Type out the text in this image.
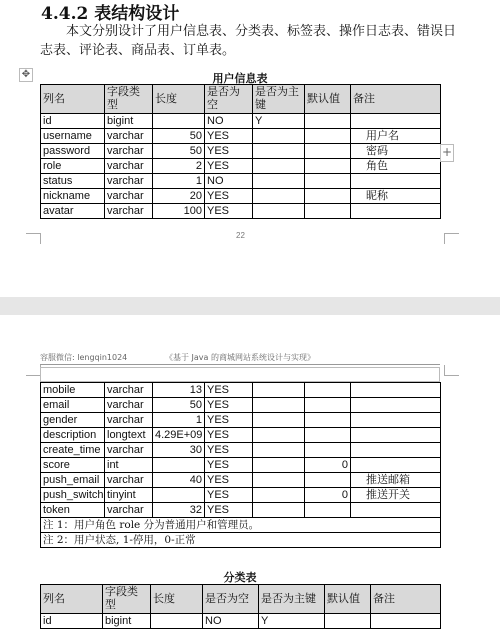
4.4.2 表结构设计
本文分别设计了用户信息表、分类表、标签表、操作日志表、错误日志表、评论表、商品表、订单表。
✥	用户信息表
列名	字段类型	长度	是否为空	是否为主键	默认值	备注
id	bigint		NO	Y		
username	varchar	50	YES			用户名
password	varchar	50	YES			密码
role	varchar	2	YES			角色
status	varchar	1	NO			
nickname	varchar	20	YES			昵称
avatar	varchar	100	YES			
+
22
容服微信: lengqin1024	《基于 Java 的商城网站系统设计与实现》
mobile	varchar	13	YES			
email	varchar	50	YES			
gender	varchar	1	YES			
description	longtext	4.29E+09	YES			
create_time	varchar	30	YES			
score	int		YES		0	
push_email	varchar	40	YES			推送邮箱
push_switch	tinyint		YES		0	推送开关
token	varchar	32	YES			
注 1：用户角色 role 分为普通用户和管理员。						
注 2：用户状态, 1-停用，0-正常						
分类表
列名	字段类型	长度	是否为空	是否为主键	默认值	备注
id	bigint		NO	Y		
